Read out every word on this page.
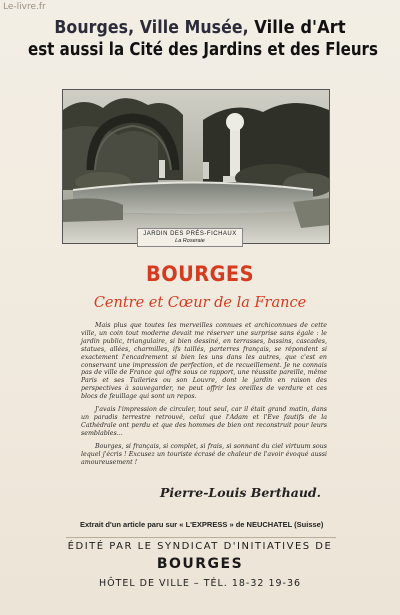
Le-livre.fr
Bourges, Ville Musée, Ville d'Art
est aussi la Cité des Jardins et des Fleurs
JARDIN DES PRÉS-FICHAUX
La Roseraie
BOURGES
Centre et Cœur de la France

Mais plus que toutes les merveilles connues et archiconnues de cette ville, un coin tout moderne devait me réserver une surprise sans égale : le jardin public, triangulaire, si bien dessiné, en terrasses, bassins, cascades, statues, allées, charmilles, ifs taillés, parterres français, se répondent si exactement l'encadrement si bien les uns dans les autres, que c'est en conservant une impression de perfection, et de recueillement. Je ne connais pas de ville de France qui offre sous ce rapport, une réussite pareille, même Paris et ses Tuileries ou son Louvre, dont le jardin en raison des perspectives à sauvegarder, ne peut offrir les oreilles de verdure et ces blocs de feuillage qui sont un repos.

J'avais l'impression de circuler, tout seul, car il était grand matin, dans un paradis terrestre retrouvé, celui que l'Adam et l'Eve fautifs de la Cathédrale ont perdu et que des hommes de bien ont reconstruit pour leurs semblables...

Bourges, si français, si complet, si frais, si sonnant du ciel virtuum sous lequel j'écris ! Excusez un touriste écrasé de chaleur de l'avoir évoqué aussi amoureusement !

Pierre-Louis Berthaud.
Extrait d'un article paru sur « L'EXPRESS » de NEUCHATEL (Suisse)
ÉDITÉ PAR LE SYNDICAT D'INITIATIVES DE
BOURGES
HÔTEL DE VILLE – TÉL. 18-32 19-36
